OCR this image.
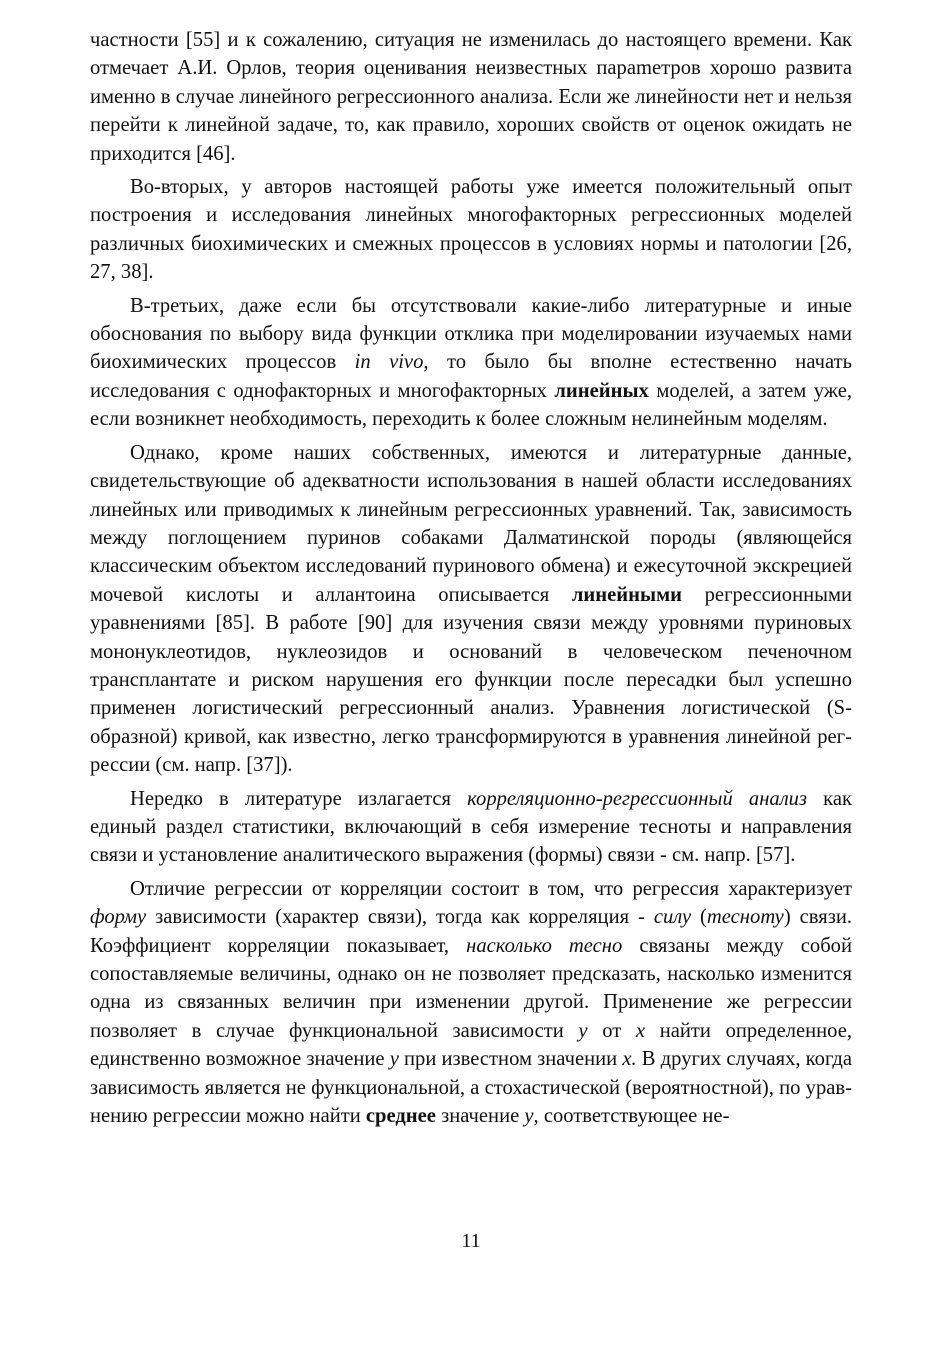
частности [55] и к сожалению, ситуация не изменилась до настоящего времени. Как отмечает А.И. Орлов, теория оценивания неизвестных параmетров хорошо развита именно в случае линейного регрессионного анализа. Если же линейности нет и нельзя перейти к линейной задаче, то, как правило, хороших свойств от оценок ожидать не приходится [46].

Во-вторых, у авторов настоящей работы уже имеется положительный опыт построения и исследования линейных многофакторных регрессионных моделей различных биохимических и смежных процессов в условиях нормы и патологии [26, 27, 38].

В-третьих, даже если бы отсутствовали какие-либо литературные и иные обоснования по выбору вида функции отклика при моделировании изучаемых нами биохимических процессов in vivo, то было бы вполне естественно начать исследования с однофакторных и многофакторных линейных моделей, а затем уже, если возникнет необходимость, переходить к более сложным нелинейным моделям.

Однако, кроме наших собственных, имеются и литературные данные, свидетельствующие об адекватности использования в нашей области исследованиях линейных или приводимых к линейным регрессионных уравнений. Так, зависимость между поглощением пуринов собаками Далматинской породы (являющейся классическим объектом исследований пуринового обмена) и ежесуточной экскрецией мочевой кислоты и аллантоина описывается линейными регрессионными уравнениями [85]. В работе [90] для изучения связи между уровнями пуриновых мононуклеотидов, нуклеозидов и оснований в человеческом печеночном трансплантате и риском нарушения его функции после пересадки был успешно применен логистический регрессионный анализ. Уравнения логистической (S-образной) кривой, как известно, легко трансформируются в уравнения линейной регрессии (см. напр. [37]).

Нередко в литературе излагается корреляционно-регрессионный анализ как единый раздел статистики, включающий в себя измерение тесноты и направления связи и установление аналитического выражения (формы) связи - см. напр. [57].

Отличие регрессии от корреляции состоит в том, что регрессия характеризует форму зависимости (характер связи), тогда как корреляция - силу (тесноту) связи. Коэффициент корреляции показывает, насколько тесно связаны между собой сопоставляемые величины, однако он не позволяет предсказать, насколько изменится одна из связанных величин при изменении другой. Применение же регрессии позволяет в случае функциональной зависимости y от x найти определенное, единственно возможное значение y при известном значении x. В других случаях, когда зависимость является не функциональной, а стохастической (вероятностной), по уравнению регрессии можно найти среднее значение y, соответствующее не-

11
